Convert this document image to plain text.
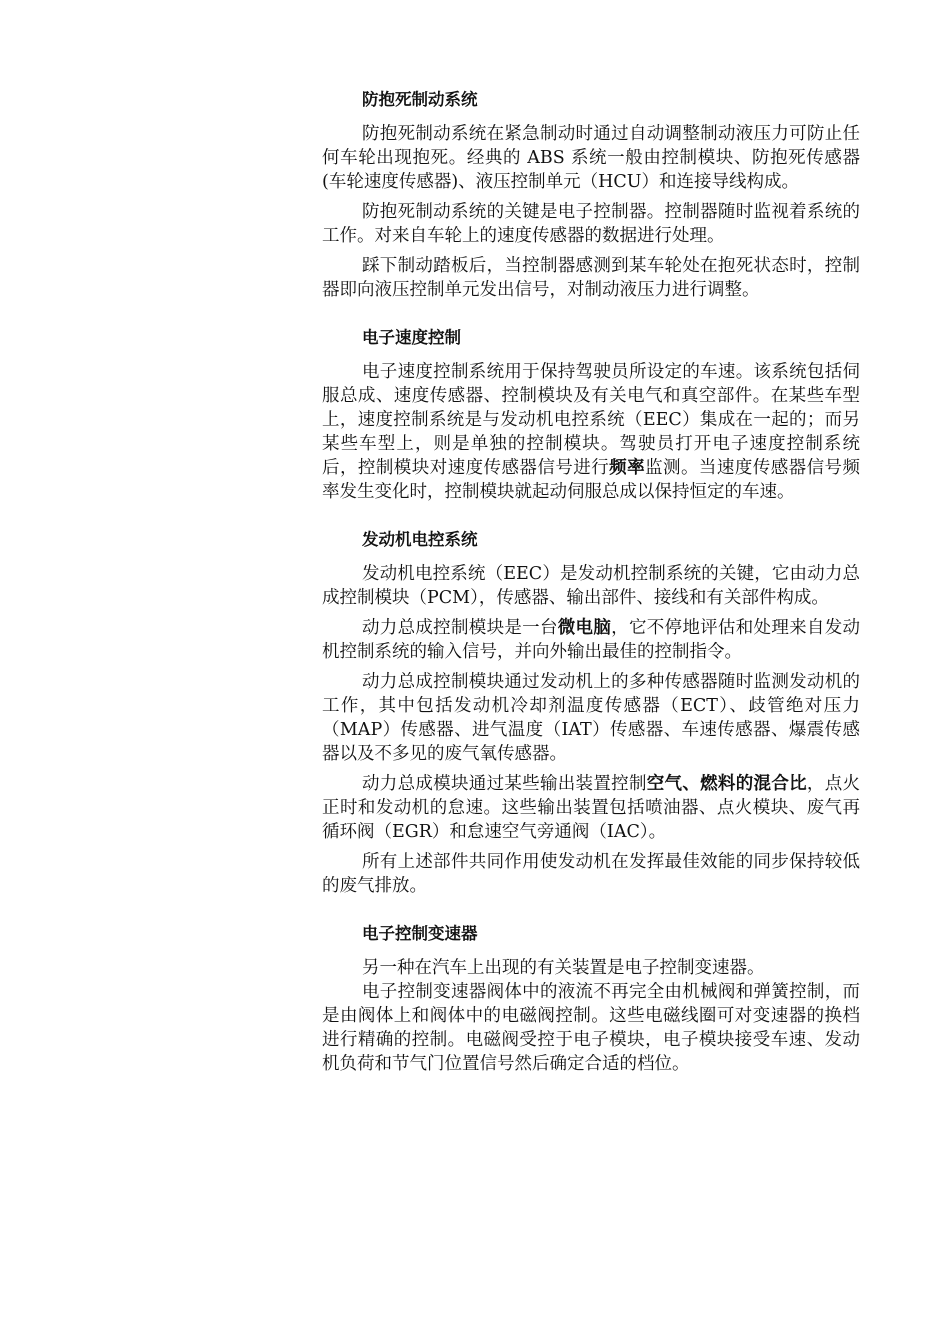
防抱死制动系统

防抱死制动系统在紧急制动时通过自动调整制动液压力可防止任何车轮出现抱死。经典的 ABS 系统一般由控制模块、防抱死传感器(车轮速度传感器)、液压控制单元（HCU）和连接导线构成。

防抱死制动系统的关键是电子控制器。控制器随时监视着系统的工作。对来自车轮上的速度传感器的数据进行处理。

踩下制动踏板后，当控制器感测到某车轮处在抱死状态时，控制器即向液压控制单元发出信号，对制动液压力进行调整。

电子速度控制

电子速度控制系统用于保持驾驶员所设定的车速。该系统包括伺服总成、速度传感器、控制模块及有关电气和真空部件。在某些车型上，速度控制系统是与发动机电控系统（EEC）集成在一起的；而另某些车型上，则是单独的控制模块。驾驶员打开电子速度控制系统后，控制模块对速度传感器信号进行频率监测。当速度传感器信号频率发生变化时，控制模块就起动伺服总成以保持恒定的车速。

发动机电控系统

发动机电控系统（EEC）是发动机控制系统的关键，它由动力总成控制模块（PCM），传感器、输出部件、接线和有关部件构成。

动力总成控制模块是一台微电脑，它不停地评估和处理来自发动机控制系统的输入信号，并向外输出最佳的控制指令。

动力总成控制模块通过发动机上的多种传感器随时监测发动机的工作，其中包括发动机冷却剂温度传感器（ECT）、歧管绝对压力（MAP）传感器、进气温度（IAT）传感器、车速传感器、爆震传感器以及不多见的废气氧传感器。

动力总成模块通过某些输出装置控制空气、燃料的混合比，点火正时和发动机的怠速。这些输出装置包括喷油器、点火模块、废气再循环阀（EGR）和怠速空气旁通阀（IAC）。

所有上述部件共同作用使发动机在发挥最佳效能的同步保持较低的废气排放。

电子控制变速器

另一种在汽车上出现的有关装置是电子控制变速器。

电子控制变速器阀体中的液流不再完全由机械阀和弹簧控制，而是由阀体上和阀体中的电磁阀控制。这些电磁线圈可对变速器的换档进行精确的控制。电磁阀受控于电子模块，电子模块接受车速、发动机负荷和节气门位置信号然后确定合适的档位。
